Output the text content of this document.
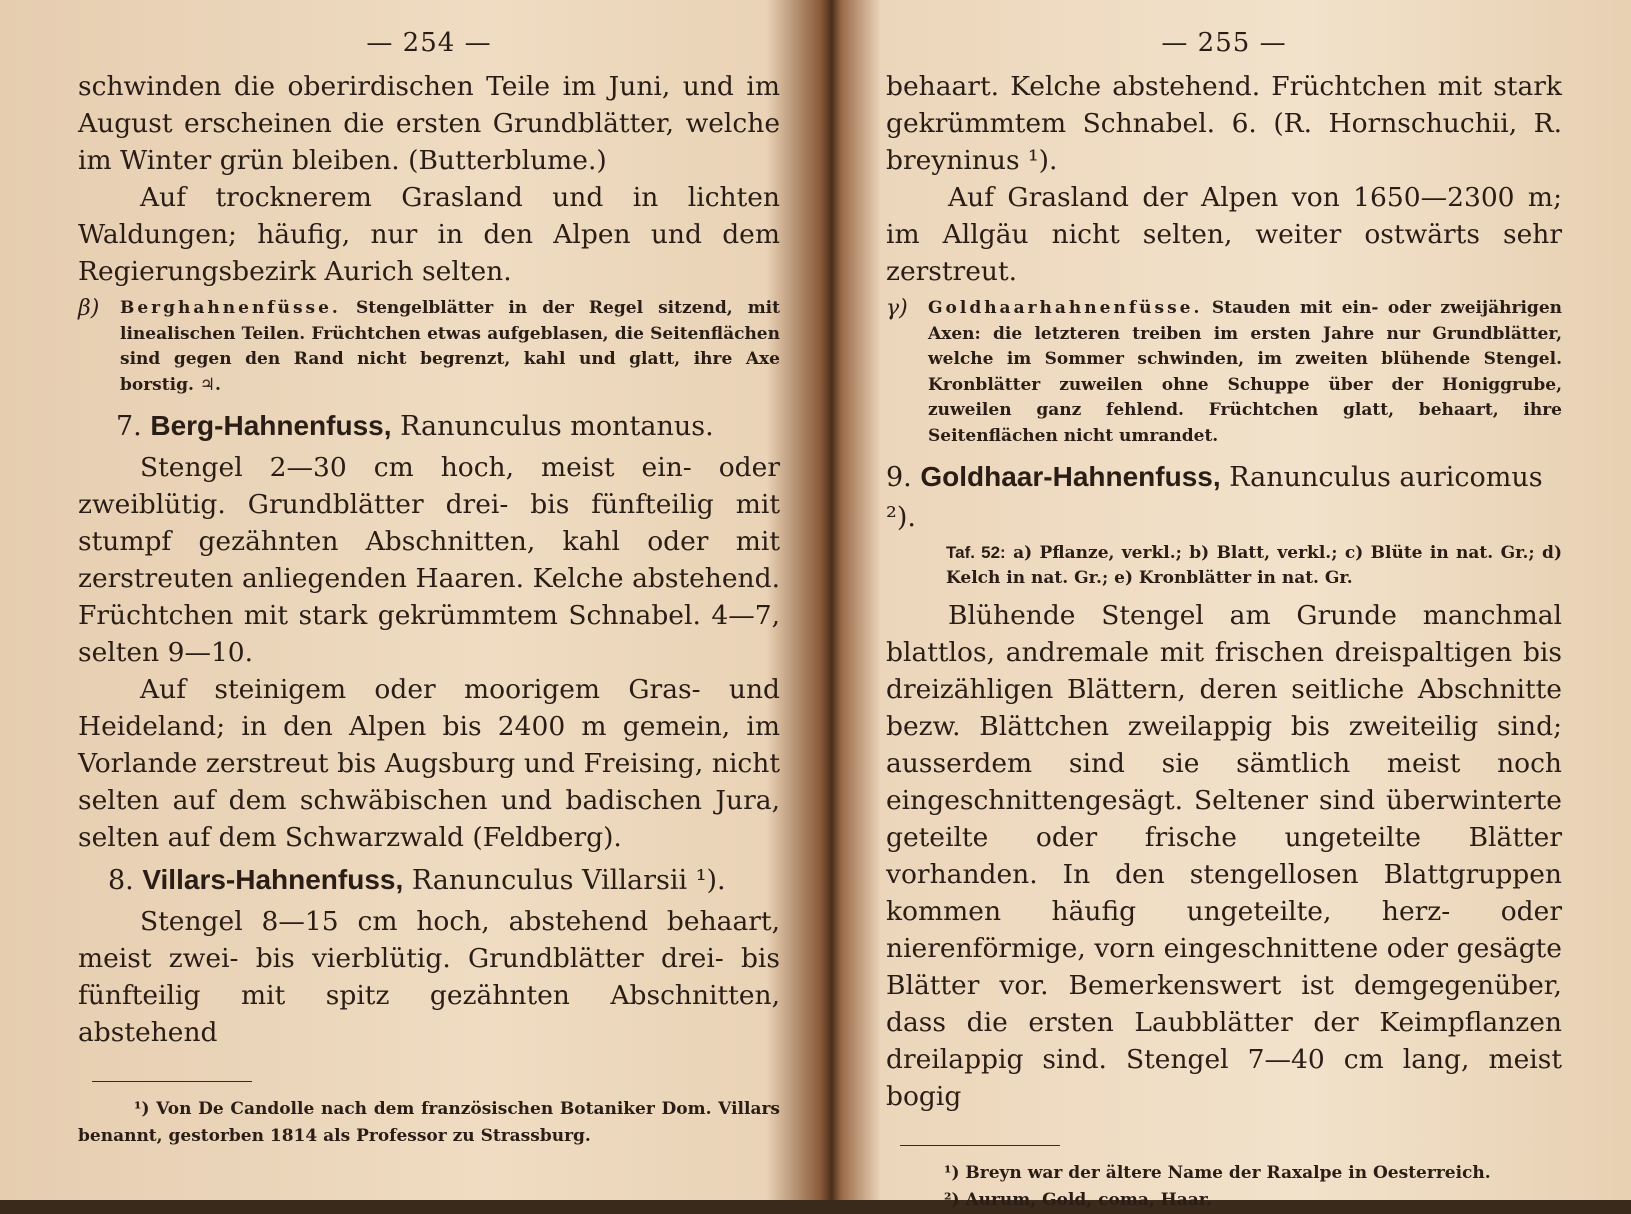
— 254 —

schwinden die oberirdischen Teile im Juni, und im August erscheinen die ersten Grundblätter, welche im Winter grün bleiben. (Butterblume.)

Auf trocknerem Grasland und in lichten Waldungen; häufig, nur in den Alpen und dem Regierungsbezirk Aurich selten.

β) Berghahnenfüsse. Stengelblätter in der Regel sitzend, mit linealischen Teilen. Früchtchen etwas aufgeblasen, die Seitenflächen sind gegen den Rand nicht begrenzt, kahl und glatt, ihre Axe borstig. ♃.
7. Berg-Hahnenfuss, Ranunculus montanus.

Stengel 2—30 cm hoch, meist ein- oder zweiblütig. Grundblätter drei- bis fünfteilig mit stumpf gezähnten Abschnitten, kahl oder mit zerstreuten anliegenden Haaren. Kelche abstehend. Früchtchen mit stark gekrümmtem Schnabel. 4—7, selten 9—10.

Auf steinigem oder moorigem Gras- und Heideland; in den Alpen bis 2400 m gemein, im Vorlande zerstreut bis Augsburg und Freising, nicht selten auf dem schwäbischen und badischen Jura, selten auf dem Schwarzwald (Feldberg).

8. Villars-Hahnenfuss, Ranunculus Villarsii ¹).

Stengel 8—15 cm hoch, abstehend behaart, meist zwei- bis vierblütig. Grundblätter drei- bis fünfteilig mit spitz gezähnten Abschnitten, abstehend

¹) Von De Candolle nach dem französischen Botaniker Dom. Villars benannt, gestorben 1814 als Professor zu Strassburg.

— 255 —

behaart. Kelche abstehend. Früchtchen mit stark gekrümmtem Schnabel. 6. (R. Hornschuchii, R. breyninus ¹).

Auf Grasland der Alpen von 1650—2300 m; im Allgäu nicht selten, weiter ostwärts sehr zerstreut.

γ) Goldhaarhahnenfüsse. Stauden mit ein- oder zweijährigen Axen: die letzteren treiben im ersten Jahre nur Grundblätter, welche im Sommer schwinden, im zweiten blühende Stengel. Kronblätter zuweilen ohne Schuppe über der Honiggrube, zuweilen ganz fehlend. Früchtchen glatt, behaart, ihre Seitenflächen nicht umrandet.
9. Goldhaar-Hahnenfuss, Ranunculus auricomus ²).
Taf. 52: a) Pflanze, verkl.; b) Blatt, verkl.; c) Blüte in nat. Gr.; d) Kelch in nat. Gr.; e) Kronblätter in nat. Gr.

Blühende Stengel am Grunde manchmal blattlos, andremale mit frischen dreispaltigen bis dreizähligen Blättern, deren seitliche Abschnitte bezw. Blättchen zweilappig bis zweiteilig sind; ausserdem sind sie sämtlich meist noch eingeschnittengesägt. Seltener sind überwinterte geteilte oder frische ungeteilte Blätter vorhanden. In den stengellosen Blattgruppen kommen häufig ungeteilte, herz- oder nierenförmige, vorn eingeschnittene oder gesägte Blätter vor. Bemerkenswert ist demgegenüber, dass die ersten Laubblätter der Keimpflanzen dreilappig sind. Stengel 7—40 cm lang, meist bogig

¹) Breyn war der ältere Name der Raxalpe in Oesterreich.
²) Aurum, Gold, coma, Haar.
